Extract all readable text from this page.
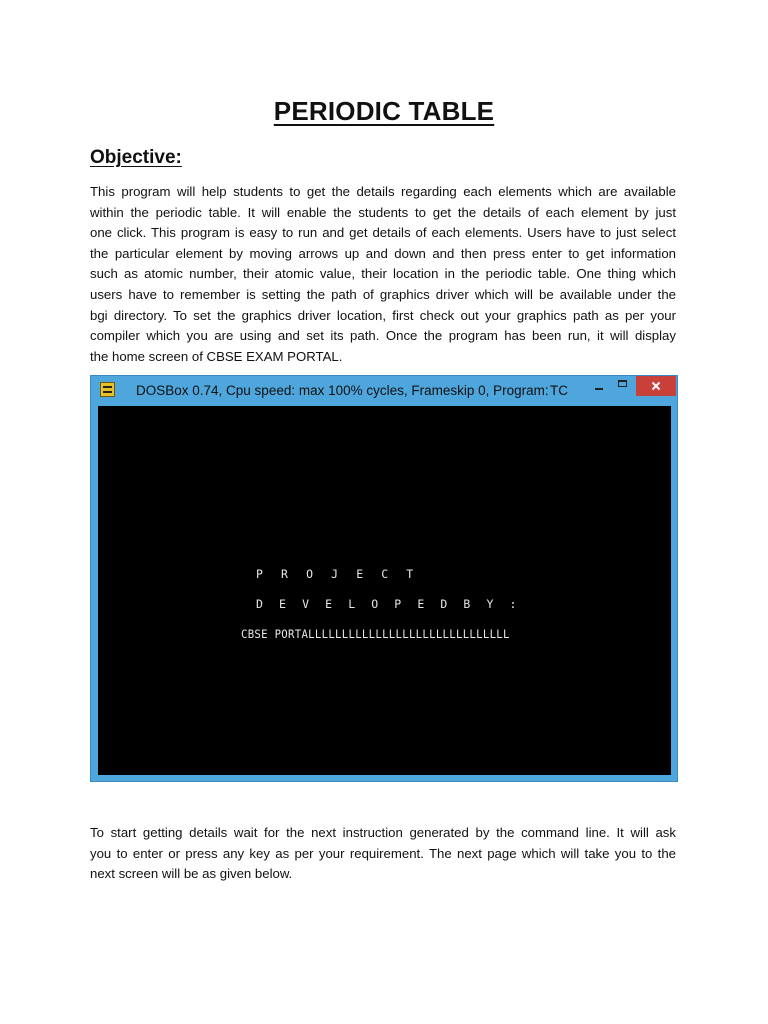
PERIODIC TABLE
Objective:
This program will help students to get the details regarding each elements which are available
within the periodic table. It will enable the students to get the details of each element by just
one click. This program is easy to run and get details of each elements. Users have to just select
the particular element by moving arrows up and down and then press enter to get information
such as atomic number, their atomic value, their location in the periodic table. One thing which
users have to remember is setting the path of graphics driver which will be available under the
bgi directory. To set the graphics driver location, first check out your graphics path as per your
compiler which you are using and set its path. Once the program has been run, it will display
the home screen of CBSE EXAM PORTAL.
DOSBox 0.74, Cpu speed: max 100% cycles, Frameskip 0, Program: TC
P R O J E C T
D E V E L O P E D B Y :
CBSE PORTALLLLLLLLLLLLLLLLLLLLLLLLLLLLLL
To start getting details wait for the next instruction generated by the command line. It will ask
you to enter or press any key as per your requirement. The next page which will take you to the
next screen will be as given below.
